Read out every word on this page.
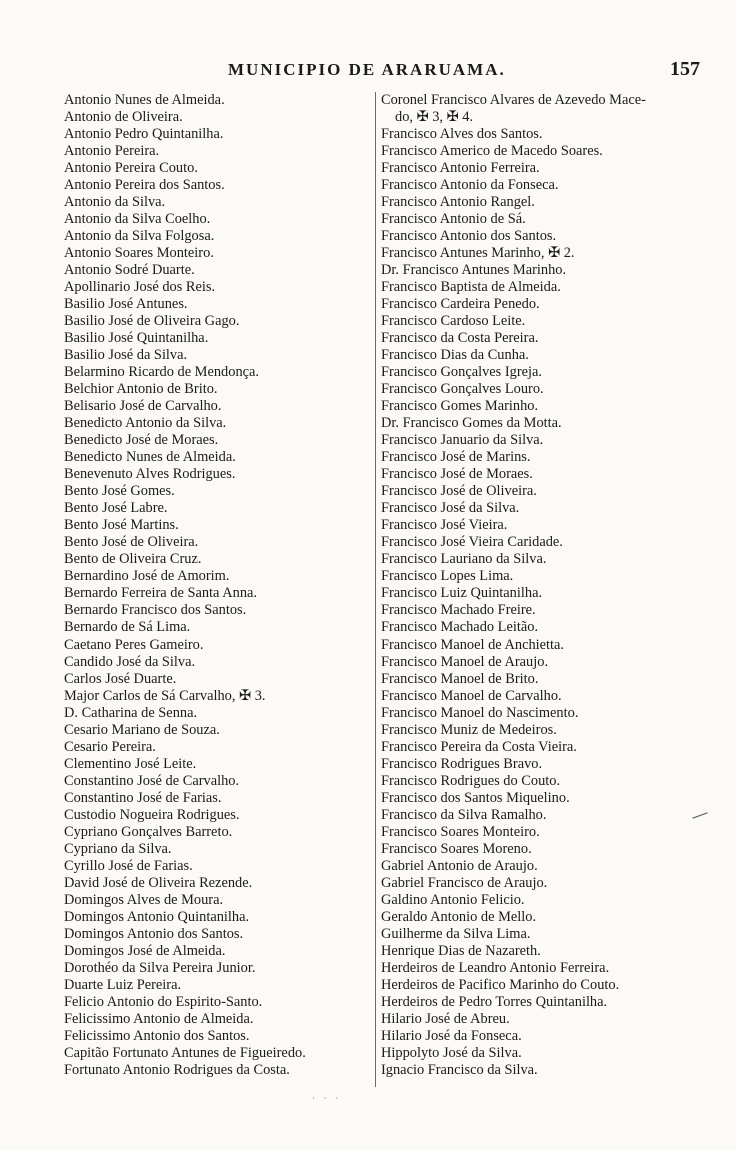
MUNICIPIO DE ARARUAMA.	157
Antonio Nunes de Almeida.
Antonio de Oliveira.
Antonio Pedro Quintanilha.
Antonio Pereira.
Antonio Pereira Couto.
Antonio Pereira dos Santos.
Antonio da Silva.
Antonio da Silva Coelho.
Antonio da Silva Folgosa.
Antonio Soares Monteiro.
Antonio Sodré Duarte.
Apollinario José dos Reis.
Basilio José Antunes.
Basilio José de Oliveira Gago.
Basilio José Quintanilha.
Basilio José da Silva.
Belarmino Ricardo de Mendonça.
Belchior Antonio de Brito.
Belisario José de Carvalho.
Benedicto Antonio da Silva.
Benedicto José de Moraes.
Benedicto Nunes de Almeida.
Benevenuto Alves Rodrigues.
Bento José Gomes.
Bento José Labre.
Bento José Martins.
Bento José de Oliveira.
Bento de Oliveira Cruz.
Bernardino José de Amorim.
Bernardo Ferreira de Santa Anna.
Bernardo Francisco dos Santos.
Bernardo de Sá Lima.
Caetano Peres Gameiro.
Candido José da Silva.
Carlos José Duarte.
Major Carlos de Sá Carvalho, ✠ 3.
D. Catharina de Senna.
Cesario Mariano de Souza.
Cesario Pereira.
Clementino José Leite.
Constantino José de Carvalho.
Constantino José de Farias.
Custodio Nogueira Rodrigues.
Cypriano Gonçalves Barreto.
Cypriano da Silva.
Cyrillo José de Farias.
David José de Oliveira Rezende.
Domingos Alves de Moura.
Domingos Antonio Quintanilha.
Domingos Antonio dos Santos.
Domingos José de Almeida.
Dorothéo da Silva Pereira Junior.
Duarte Luiz Pereira.
Felicio Antonio do Espirito-Santo.
Felicissimo Antonio de Almeida.
Felicissimo Antonio dos Santos.
Capitão Fortunato Antunes de Figueiredo.
Fortunato Antonio Rodrigues da Costa.
Coronel Francisco Alvares de Azevedo Mace-
do, ✠ 3, ✠ 4.
Francisco Alves dos Santos.
Francisco Americo de Macedo Soares.
Francisco Antonio Ferreira.
Francisco Antonio da Fonseca.
Francisco Antonio Rangel.
Francisco Antonio de Sá.
Francisco Antonio dos Santos.
Francisco Antunes Marinho, ✠ 2.
Dr. Francisco Antunes Marinho.
Francisco Baptista de Almeida.
Francisco Cardeira Penedo.
Francisco Cardoso Leite.
Francisco da Costa Pereira.
Francisco Dias da Cunha.
Francisco Gonçalves Igreja.
Francisco Gonçalves Louro.
Francisco Gomes Marinho.
Dr. Francisco Gomes da Motta.
Francisco Januario da Silva.
Francisco José de Marins.
Francisco José de Moraes.
Francisco José de Oliveira.
Francisco José da Silva.
Francisco José Vieira.
Francisco José Vieira Caridade.
Francisco Lauriano da Silva.
Francisco Lopes Lima.
Francisco Luiz Quintanilha.
Francisco Machado Freire.
Francisco Machado Leitão.
Francisco Manoel de Anchietta.
Francisco Manoel de Araujo.
Francisco Manoel de Brito.
Francisco Manoel de Carvalho.
Francisco Manoel do Nascimento.
Francisco Muniz de Medeiros.
Francisco Pereira da Costa Vieira.
Francisco Rodrigues Bravo.
Francisco Rodrigues do Couto.
Francisco dos Santos Miquelino.
Francisco da Silva Ramalho.
Francisco Soares Monteiro.
Francisco Soares Moreno.
Gabriel Antonio de Araujo.
Gabriel Francisco de Araujo.
Galdino Antonio Felicio.
Geraldo Antonio de Mello.
Guilherme da Silva Lima.
Henrique Dias de Nazareth.
Herdeiros de Leandro Antonio Ferreira.
Herdeiros de Pacifico Marinho do Couto.
Herdeiros de Pedro Torres Quintanilha.
Hilario José de Abreu.
Hilario José da Fonseca.
Hippolyto José da Silva.
Ignacio Francisco da Silva.
· · ·
